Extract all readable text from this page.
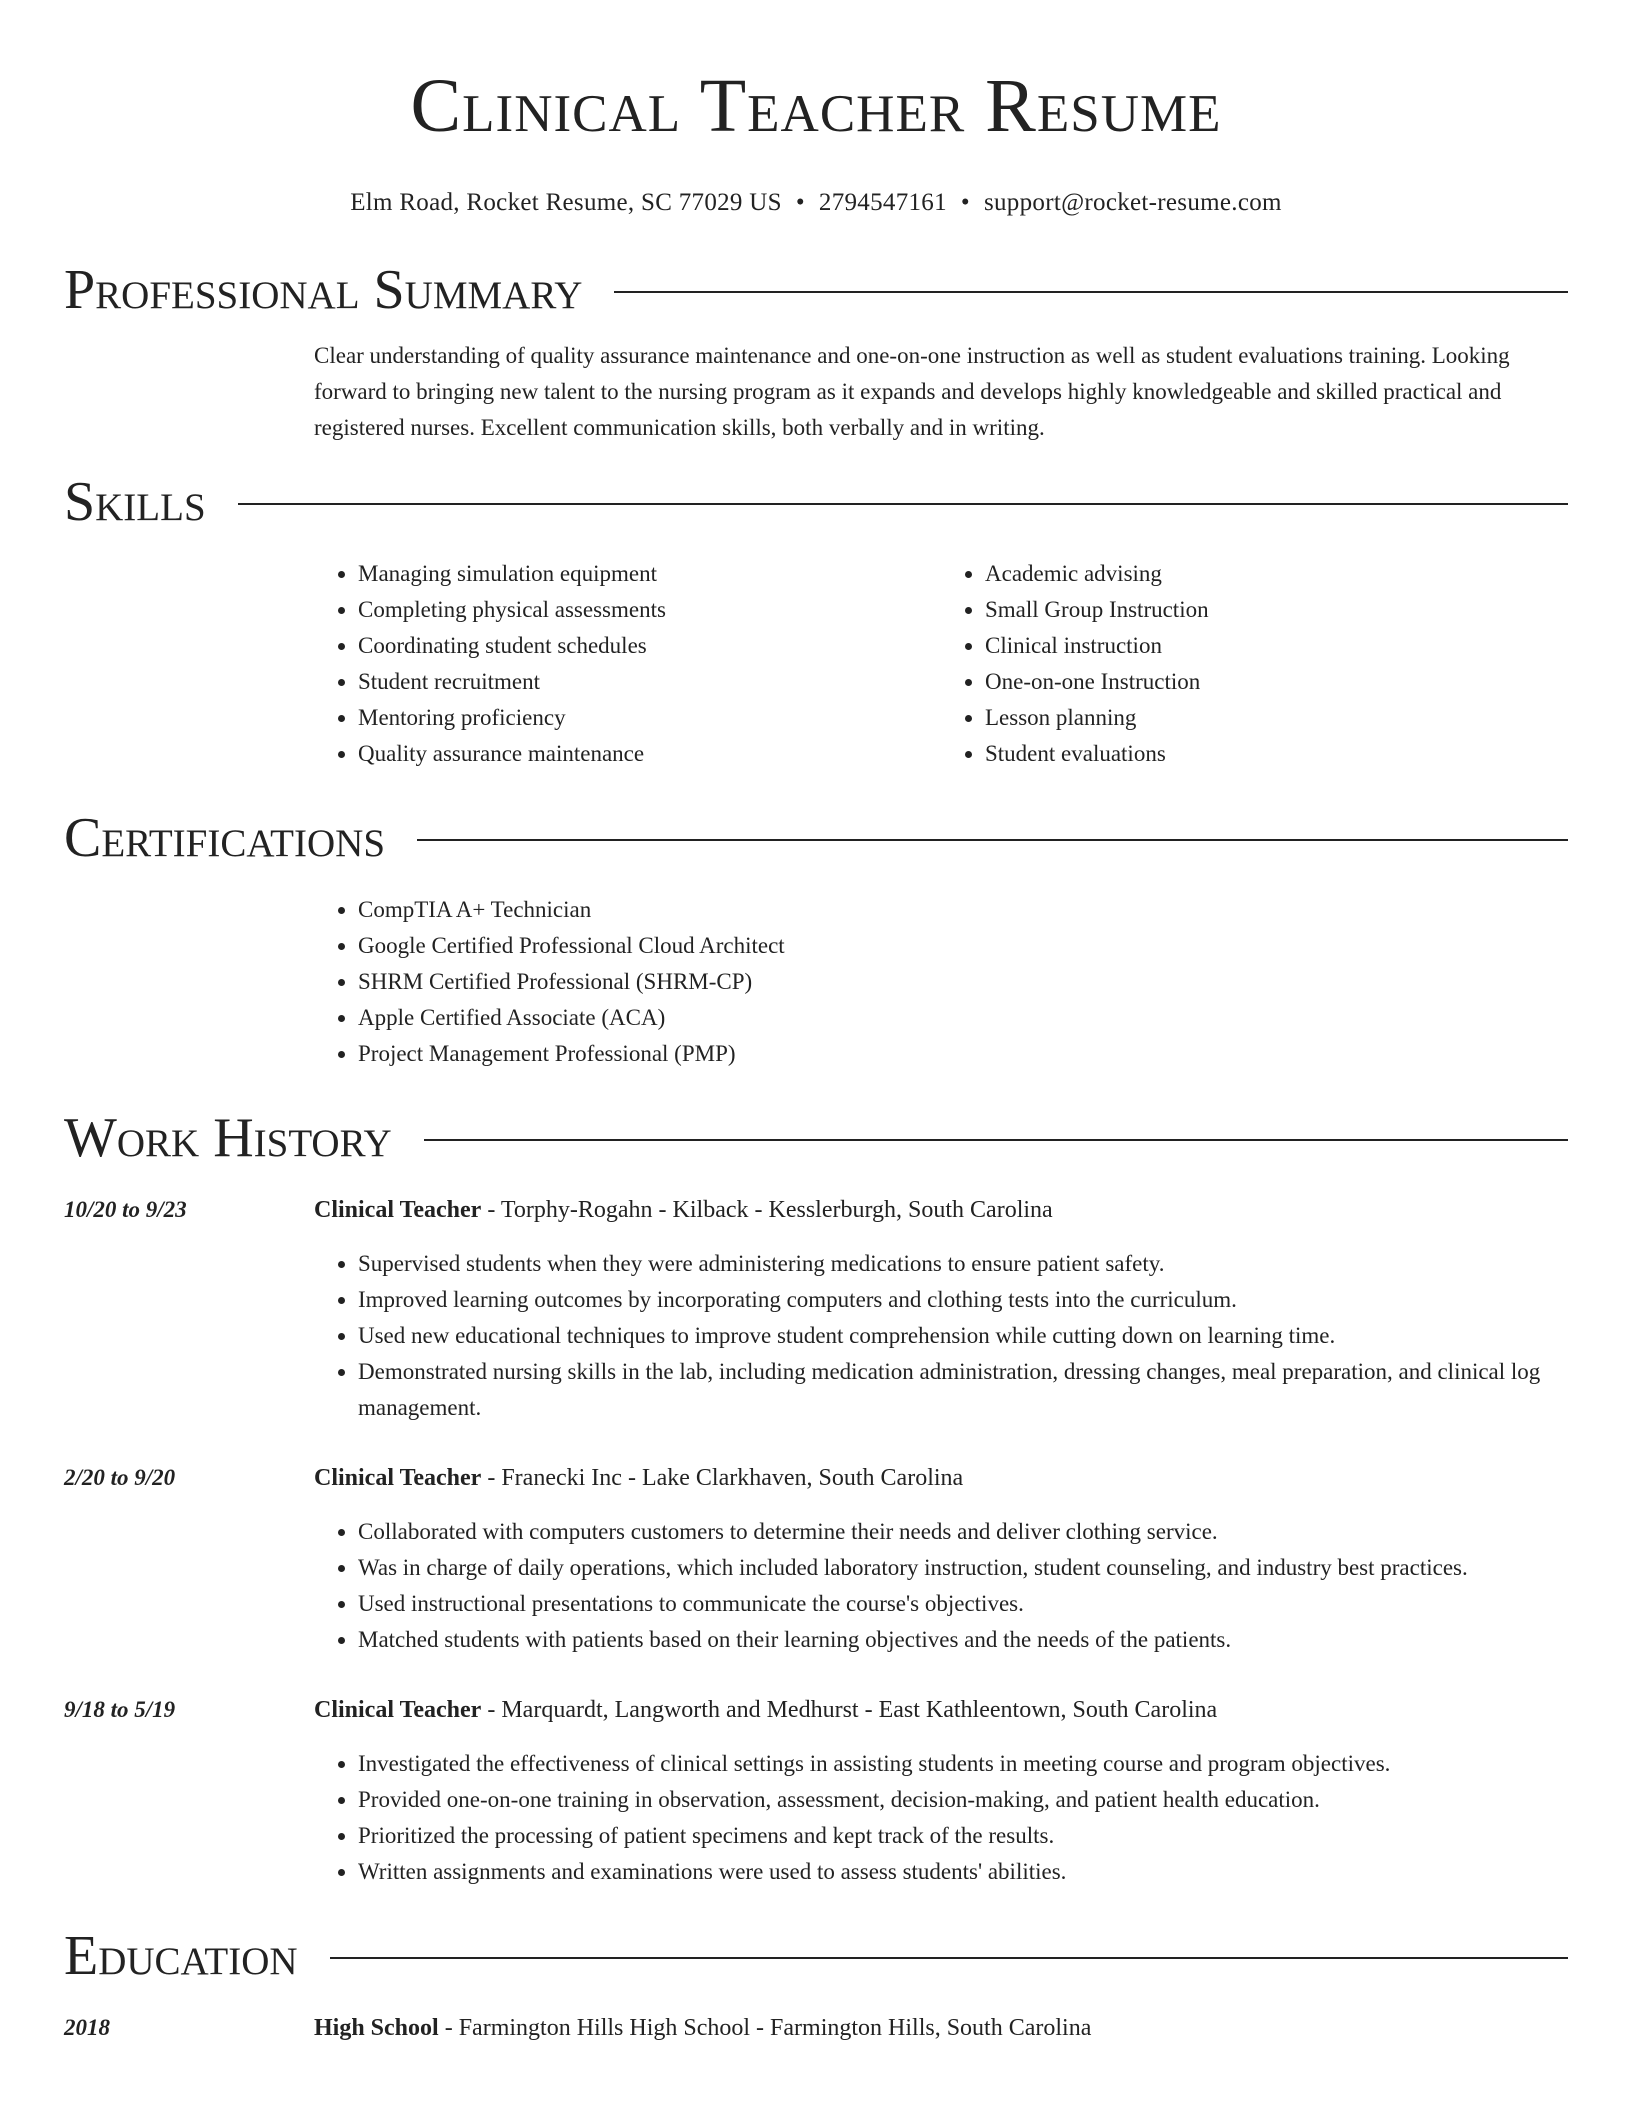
Clinical Teacher Resume
Elm Road, Rocket Resume, SC 77029 US • 2794547161 • support@rocket-resume.com
Professional Summary
Clear understanding of quality assurance maintenance and one-on-one instruction as well as student evaluations training. Looking forward to bringing new talent to the nursing program as it expands and develops highly knowledgeable and skilled practical and registered nurses. Excellent communication skills, both verbally and in writing.
Skills
• Managing simulation equipment
• Completing physical assessments
• Coordinating student schedules
• Student recruitment
• Mentoring proficiency
• Quality assurance maintenance
• Academic advising
• Small Group Instruction
• Clinical instruction
• One-on-one Instruction
• Lesson planning
• Student evaluations
Certifications
• CompTIA A+ Technician
• Google Certified Professional Cloud Architect
• SHRM Certified Professional (SHRM-CP)
• Apple Certified Associate (ACA)
• Project Management Professional (PMP)
Work History
10/20 to 9/23	Clinical Teacher - Torphy-Rogahn - Kilback - Kesslerburgh, South Carolina
• Supervised students when they were administering medications to ensure patient safety.
• Improved learning outcomes by incorporating computers and clothing tests into the curriculum.
• Used new educational techniques to improve student comprehension while cutting down on learning time.
• Demonstrated nursing skills in the lab, including medication administration, dressing changes, meal preparation, and clinical log management.
2/20 to 9/20	Clinical Teacher - Franecki Inc - Lake Clarkhaven, South Carolina
• Collaborated with computers customers to determine their needs and deliver clothing service.
• Was in charge of daily operations, which included laboratory instruction, student counseling, and industry best practices.
• Used instructional presentations to communicate the course's objectives.
• Matched students with patients based on their learning objectives and the needs of the patients.
9/18 to 5/19	Clinical Teacher - Marquardt, Langworth and Medhurst - East Kathleentown, South Carolina
• Investigated the effectiveness of clinical settings in assisting students in meeting course and program objectives.
• Provided one-on-one training in observation, assessment, decision-making, and patient health education.
• Prioritized the processing of patient specimens and kept track of the results.
• Written assignments and examinations were used to assess students' abilities.
Education
2018	High School - Farmington Hills High School - Farmington Hills, South Carolina
